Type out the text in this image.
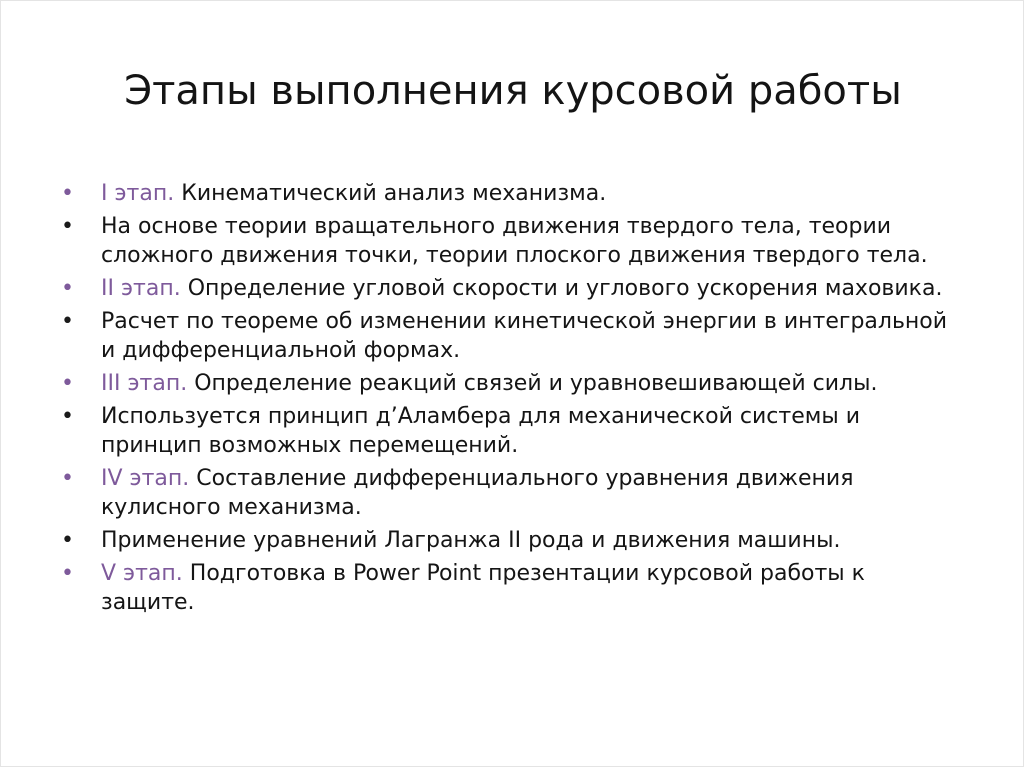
Этапы выполнения курсовой работы
•	I этап. Кинематический анализ механизма.
•	На основе теории вращательного движения твердого тела, теории сложного движения точки, теории плоского движения твердого тела.
•	II этап. Определение угловой скорости и углового ускорения маховика.
•	Расчет по теореме об изменении кинетической энергии в интегральной и дифференциальной формах.
•	III этап. Определение реакций связей и уравновешивающей силы.
•	Используется принцип д’Аламбера для механической системы и принцип возможных перемещений.
•	IV этап. Составление дифференциального уравнения движения кулисного механизма.
•	Применение уравнений Лагранжа II рода и движения машины.
•	V этап. Подготовка в Power Point презентации курсовой работы к защите.
